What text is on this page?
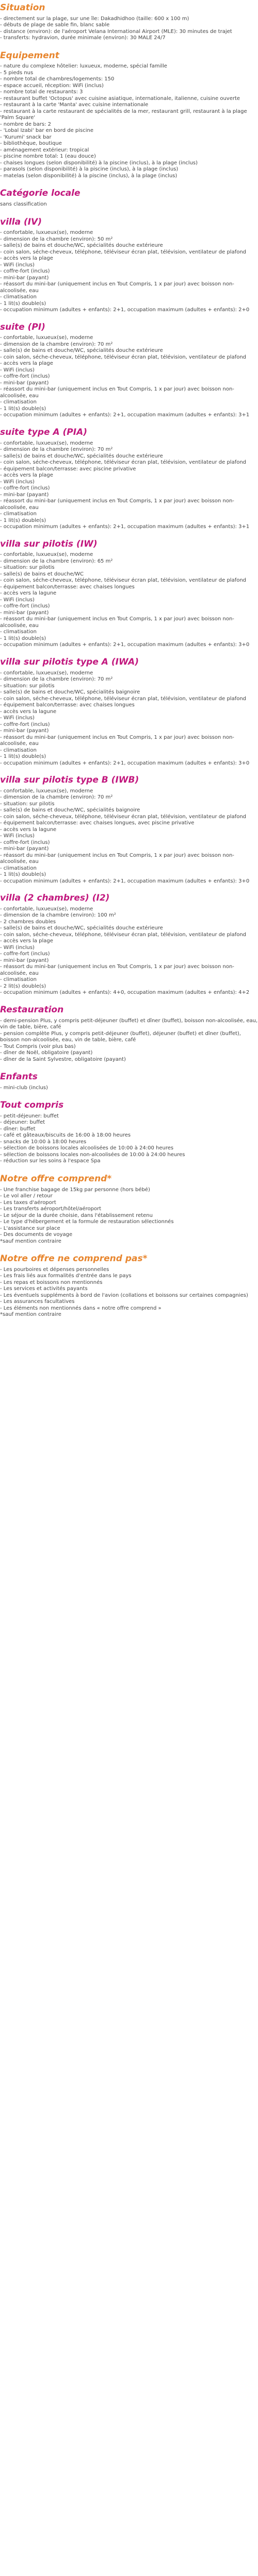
Situation
- directement sur la plage, sur une île: Dakadhidhoo (taille: 600 x 100 m)
- débuts de plage de sable fin, blanc sable
- distance (environ): de l'aéroport Velana International Airport (MLE): 30 minutes de trajet
- transferts: hydravion, durée minimale (environ): 30 MALE 24/7
Equipement
- nature du complexe hôtelier: luxueux, moderne, spécial famille
- 5 pieds nus
- nombre total de chambres/logements: 150
- espace accueil, réception: WiFi (inclus)
- nombre total de restaurants: 3
- restaurant buffet 'Octopus' avec cuisine asiatique, internationale, italienne, cuisine ouverte
- restaurant à la carte 'Manta' avec cuisine internationale
- restaurant à la carte restaurant de spécialités de la mer, restaurant grill, restaurant à la plage 'Palm Square'
- nombre de bars: 2
- 'Lobal Izabi' bar en bord de piscine
- 'Kurumi' snack bar
- bibliothèque, boutique
- aménagement extérieur: tropical
- piscine nombre total: 1 (eau douce)
- chaises longues (selon disponibilité) à la piscine (inclus), à la plage (inclus)
- parasols (selon disponibilité) à la piscine (inclus), à la plage (inclus)
- matelas (selon disponibilité) à la piscine (inclus), à la plage (inclus)
Catégorie locale
sans classification
villa (IV)
- confortable, luxueux(se), moderne
- dimension de la chambre (environ): 50 m²
- salle(s) de bains et douche/WC, spécialités douche extérieure
- coin salon, séche-cheveux, téléphone, téléviseur écran plat, télévision, ventilateur de plafond
- accès vers la plage
- WiFi (inclus)
- coffre-fort (inclus)
- mini-bar (payant)
- réassort du mini-bar (uniquement inclus en Tout Compris, 1 x par jour) avec boisson non-alcoolisée, eau
- climatisation
- 1 lit(s) double(s)
- occupation minimum (adultes + enfants): 2+1, occupation maximum (adultes + enfants): 2+0
suite (PI)
- confortable, luxueux(se), moderne
- dimension de la chambre (environ): 70 m²
- salle(s) de bains et douche/WC, spécialités douche extérieure
- coin salon, séche-cheveux, téléphone, téléviseur écran plat, télévision, ventilateur de plafond
- accès vers la plage
- WiFi (inclus)
- coffre-fort (inclus)
- mini-bar (payant)
- réassort du mini-bar (uniquement inclus en Tout Compris, 1 x par jour) avec boisson non-alcoolisée, eau
- climatisation
- 1 lit(s) double(s)
- occupation minimum (adultes + enfants): 2+1, occupation maximum (adultes + enfants): 3+1
suite type A (PIA)
- confortable, luxueux(se), moderne
- dimension de la chambre (environ): 70 m²
- salle(s) de bains et douche/WC, spécialités douche extérieure
- coin salon, séche-cheveux, téléphone, téléviseur écran plat, télévision, ventilateur de plafond
- équipement balcon/terrasse: avec piscine privative
- accès vers la plage
- WiFi (inclus)
- coffre-fort (inclus)
- mini-bar (payant)
- réassort du mini-bar (uniquement inclus en Tout Compris, 1 x par jour) avec boisson non-alcoolisée, eau
- climatisation
- 1 lit(s) double(s)
- occupation minimum (adultes + enfants): 2+1, occupation maximum (adultes + enfants): 3+1
villa sur pilotis (IW)
- confortable, luxueux(se), moderne
- dimension de la chambre (environ): 65 m²
- situation: sur pilotis
- salle(s) de bains et douche/WC
- coin salon, séche-cheveux, téléphone, téléviseur écran plat, télévision, ventilateur de plafond
- équipement balcon/terrasse: avec chaises longues
- accès vers la lagune
- WiFi (inclus)
- coffre-fort (inclus)
- mini-bar (payant)
- réassort du mini-bar (uniquement inclus en Tout Compris, 1 x par jour) avec boisson non-alcoolisée, eau
- climatisation
- 1 lit(s) double(s)
- occupation minimum (adultes + enfants): 2+1, occupation maximum (adultes + enfants): 3+0
villa sur pilotis type A (IWA)
- confortable, luxueux(se), moderne
- dimension de la chambre (environ): 70 m²
- situation: sur pilotis
- salle(s) de bains et douche/WC, spécialités baignoire
- coin salon, séche-cheveux, téléphone, téléviseur écran plat, télévision, ventilateur de plafond
- équipement balcon/terrasse: avec chaises longues
- accès vers la lagune
- WiFi (inclus)
- coffre-fort (inclus)
- mini-bar (payant)
- réassort du mini-bar (uniquement inclus en Tout Compris, 1 x par jour) avec boisson non-alcoolisée, eau
- climatisation
- 1 lit(s) double(s)
- occupation minimum (adultes + enfants): 2+1, occupation maximum (adultes + enfants): 3+0
villa sur pilotis type B (IWB)
- confortable, luxueux(se), moderne
- dimension de la chambre (environ): 70 m²
- situation: sur pilotis
- salle(s) de bains et douche/WC, spécialités baignoire
- coin salon, séche-cheveux, téléphone, téléviseur écran plat, télévision, ventilateur de plafond
- équipement balcon/terrasse: avec chaises longues, avec piscine privative
- accès vers la lagune
- WiFi (inclus)
- coffre-fort (inclus)
- mini-bar (payant)
- réassort du mini-bar (uniquement inclus en Tout Compris, 1 x par jour) avec boisson non-alcoolisée, eau
- climatisation
- 1 lit(s) double(s)
- occupation minimum (adultes + enfants): 2+1, occupation maximum (adultes + enfants): 3+0
villa (2 chambres) (I2)
- confortable, luxueux(se), moderne
- dimension de la chambre (environ): 100 m²
- 2 chambres doubles
- salle(s) de bains et douche/WC, spécialités douche extérieure
- coin salon, séche-cheveux, téléphone, téléviseur écran plat, télévision, ventilateur de plafond
- accès vers la plage
- WiFi (inclus)
- coffre-fort (inclus)
- mini-bar (payant)
- réassort du mini-bar (uniquement inclus en Tout Compris, 1 x par jour) avec boisson non-alcoolisée, eau
- climatisation
- 2 lit(s) double(s)
- occupation minimum (adultes + enfants): 4+0, occupation maximum (adultes + enfants): 4+2
Restauration
- demi-pension Plus, y compris petit-déjeuner (buffet) et dîner (buffet), boisson non-alcoolisée, eau, vin de table, bière, café
- pension complète Plus, y compris petit-déjeuner (buffet), déjeuner (buffet) et dîner (buffet), boisson non-alcoolisée, eau, vin de table, bière, café
- Tout Compris (voir plus bas)
- dîner de Noël, obligatoire (payant)
- dîner de la Saint Sylvestre, obligatoire (payant)
Enfants
- mini-club (inclus)
Tout compris
- petit-déjeuner: buffet
- déjeuner: buffet
- dîner: buffet
- café et gâteaux/biscuits de 16:00 à 18:00 heures
- snacks de 10:00 à 18:00 heures
- sélection de boissons locales alcoolisées de 10:00 à 24:00 heures
- sélection de boissons locales non-alcoolisées de 10:00 à 24:00 heures
- réduction sur les soins à l'espace Spa
Notre offre comprend*
- Une franchise bagage de 15kg par personne (hors bébé)
- Le vol aller / retour
- Les taxes d'aéroport
- Les transferts aéroport/hôtel/aéroport
- Le séjour de la durée choisie, dans l'établissement retenu
- Le type d'hébergement et la formule de restauration sélectionnés
- L'assistance sur place
- Des documents de voyage
*sauf mention contraire
Notre offre ne comprend pas*
- Les pourboires et dépenses personnelles
- Les frais liés aux formalités d'entrée dans le pays
- Les repas et boissons non mentionnés
- Les services et activités payants
- Les éventuels suppléments à bord de l'avion (collations et boissons sur certaines compagnies)
- Les assurances facultatives
- Les éléments non mentionnés dans « notre offre comprend »
*sauf mention contraire
